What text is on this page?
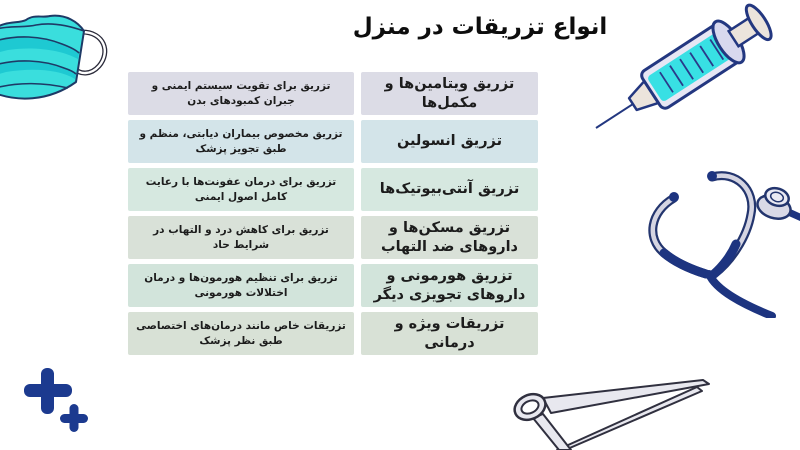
انواع تزریقات در منزل
تزریق ویتامین‌ها و مکمل‌ها
تزریق برای تقویت سیستم ایمنی و جبران کمبودهای بدن
تزریق انسولین
تزریق مخصوص بیماران دیابتی، منظم و طبق تجویز پزشک
تزریق آنتی‌بیوتیک‌ها
تزریق برای درمان عفونت‌ها با رعایت کامل اصول ایمنی
تزریق مسکن‌ها و داروهای ضد التهاب
تزریق برای کاهش درد و التهاب در شرایط حاد
تزریق هورمونی و داروهای تجویزی دیگر
تزریق برای تنظیم هورمون‌ها و درمان اختلالات هورمونی
تزریقات ویژه و درمانی
تزریقات خاص مانند درمان‌های اختصاصی طبق نظر پزشک
